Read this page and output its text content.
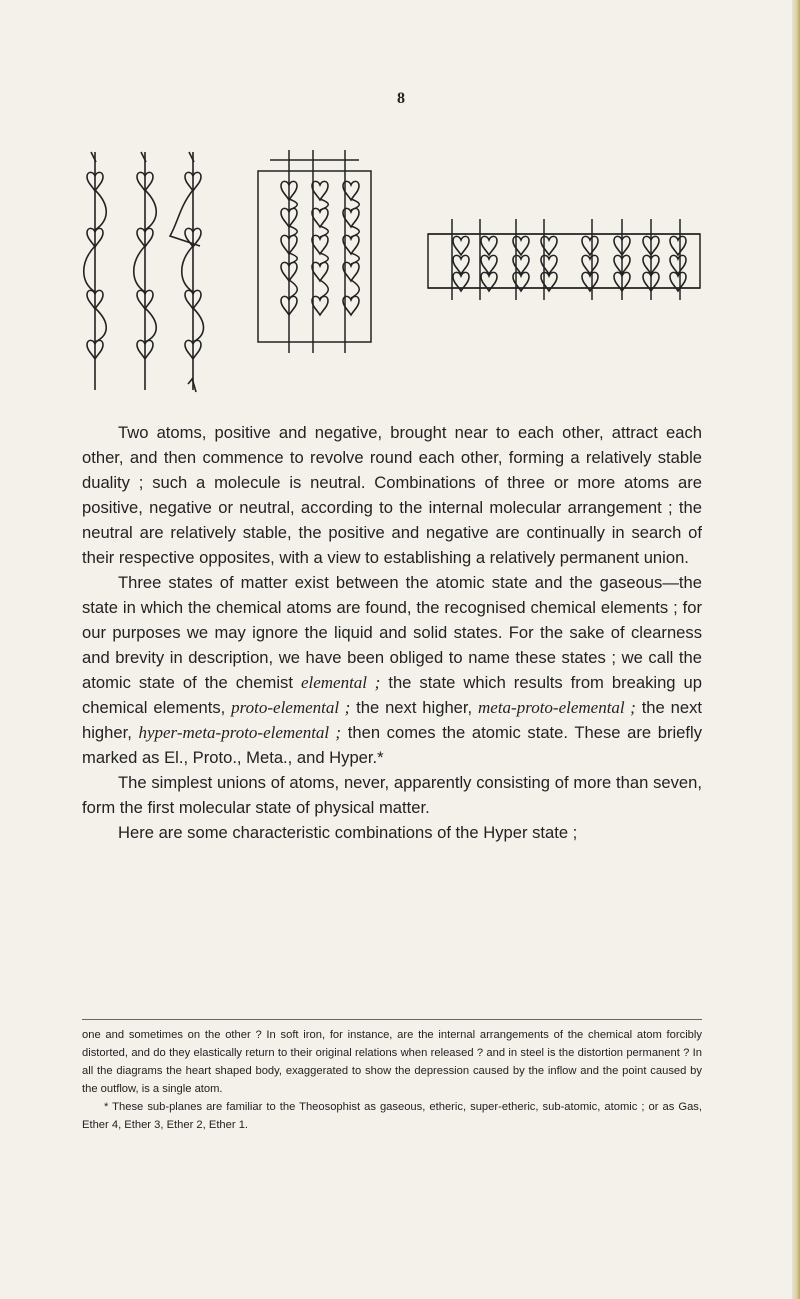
8

Two atoms, positive and negative, brought near to each other, attract each other, and then commence to revolve round each other, forming a relatively stable duality ; such a molecule is neutral. Combinations of three or more atoms are positive, negative or neutral, according to the internal molecular arrangement ; the neutral are relatively stable, the positive and negative are continually in search of their respective opposites, with a view to establishing a relatively permanent union.

Three states of matter exist between the atomic state and the gaseous—the state in which the chemical atoms are found, the recognised chemical elements ; for our purposes we may ignore the liquid and solid states. For the sake of clearness and brevity in description, we have been obliged to name these states ; we call the atomic state of the chemist elemental ; the state which results from breaking up chemical elements, proto-elemental ; the next higher, meta-proto-elemental ; the next higher, hyper-meta-proto-elemental ; then comes the atomic state. These are briefly marked as El., Proto., Meta., and Hyper.*

The simplest unions of atoms, never, apparently consisting of more than seven, form the first molecular state of physical matter.

Here are some characteristic combinations of the Hyper state ;

one and sometimes on the other ? In soft iron, for instance, are the internal arrangements of the chemical atom forcibly distorted, and do they elastically return to their original relations when released ? and in steel is the distortion permanent ? In all the diagrams the heart shaped body, exaggerated to show the depression caused by the inflow and the point caused by the outflow, is a single atom.

* These sub-planes are familiar to the Theosophist as gaseous, etheric, super-etheric, sub-atomic, atomic ; or as Gas, Ether 4, Ether 3, Ether 2, Ether 1.
